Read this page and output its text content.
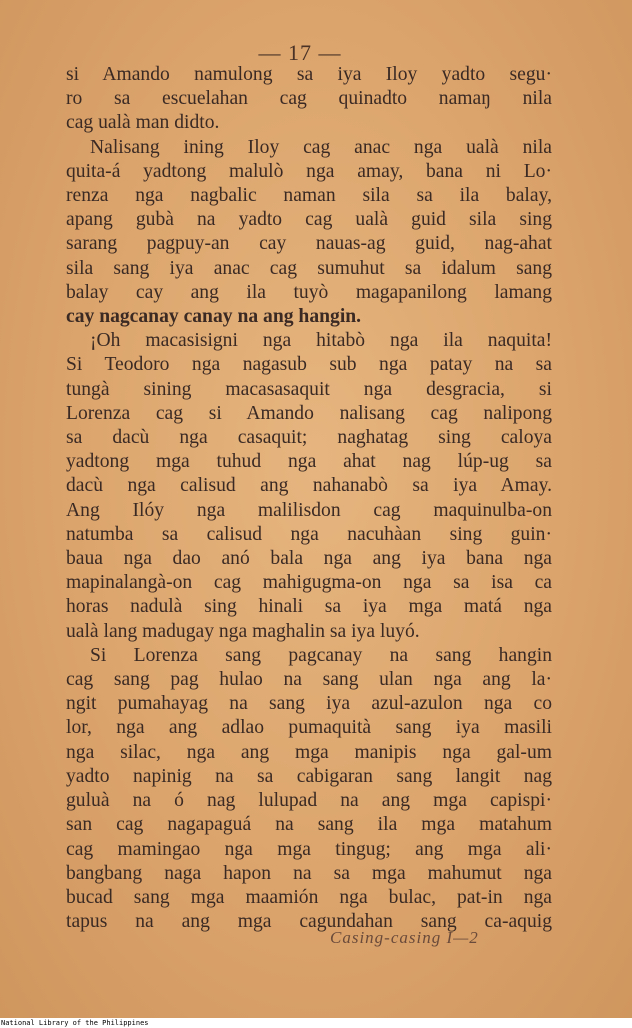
— 17 —
si Amando namulong sa iya Iloy yadto segu·
ro sa escuelahan cag quinadto namaŋ nila
cag ualà man didto.
Nalisang ining Iloy cag anac nga ualà nila
quita-á yadtong malulò nga amay, bana ni Lo·
renza nga nagbalic naman sila sa ila balay,
apang gubà na yadto cag ualà guid sila sing
sarang pagpuy-an cay nauas-ag guid, nag-ahat
sila sang iya anac cag sumuhut sa idalum sang
balay cay ang ila tuyò magapanilong lamang
cay nagcanay canay na ang hangin.
¡Oh macasisigni nga hitabò nga ila naquita!
Si Teodoro nga nagasub sub nga patay na sa
tungà sining macasasaquit nga desgracia, si
Lorenza cag si Amando nalisang cag nalipong
sa dacù nga casaquit; naghatag sing caloya
yadtong mga tuhud nga ahat nag lúp-ug sa
dacù nga calisud ang nahanabò sa iya Amay.
Ang Ilóy nga malilisdon cag maquinulba-on
natumba sa calisud nga nacuhàan sing guin·
baua nga dao anó bala nga ang iya bana nga
mapinalangà-on cag mahigugma-on nga sa isa ca
horas nadulà sing hinali sa iya mga matá nga
ualà lang madugay nga maghalin sa iya luyó.
Si Lorenza sang pagcanay na sang hangin
cag sang pag hulao na sang ulan nga ang la·
ngit pumahayag na sang iya azul-azulon nga co
lor, nga ang adlao pumaquità sang iya masili
nga silac, nga ang mga manipis nga gal-um
yadto napinig na sa cabigaran sang langit nag
guluà na ó nag lulupad na ang mga capispi·
san cag nagapaguá na sang ila mga matahum
cag mamingao nga mga tingug; ang mga ali·
bangbang naga hapon na sa mga mahumut nga
bucad sang mga maamión nga bulac, pat-in nga
tapus na ang mga cagundahan sang ca-aquig
Casing-casing I—2
National Library of the Philippines
